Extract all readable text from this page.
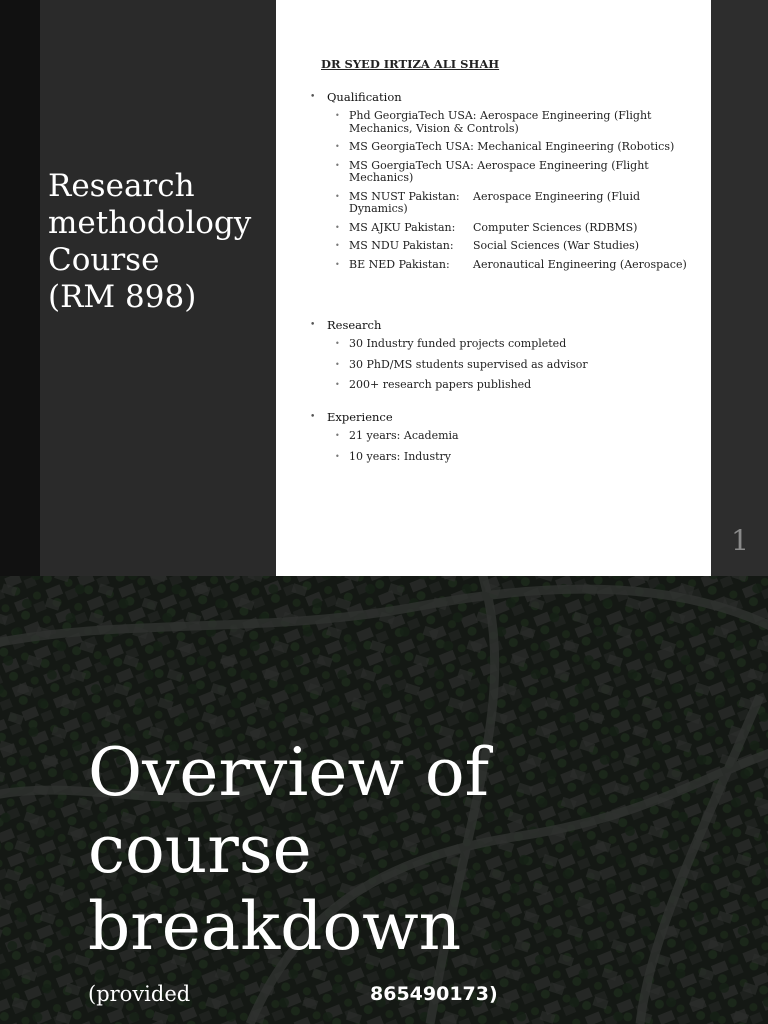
Research
methodology
Course
(RM 898)
1
DR SYED IRTIZA ALI SHAH
• Qualification
• Phd GeorgiaTech USA: Aerospace Engineering (Flight Mechanics, Vision & Controls)
• MS GeorgiaTech USA: Mechanical Engineering (Robotics)
• MS GoergiaTech USA: Aerospace Engineering (Flight Mechanics)
• MS NUST Pakistan: Aerospace Engineering (Fluid Dynamics)
• MS AJKU Pakistan: Computer Sciences (RDBMS)
• MS NDU Pakistan: Social Sciences (War Studies)
• BE NED Pakistan: Aeronautical Engineering (Aerospace)
• Research
• 30 Industry funded projects completed
• 30 PhD/MS students supervised as advisor
• 200+ research papers published
• Experience
• 21 years: Academia
• 10 years: Industry
Overview of
course
breakdown
(provided	865490173)
